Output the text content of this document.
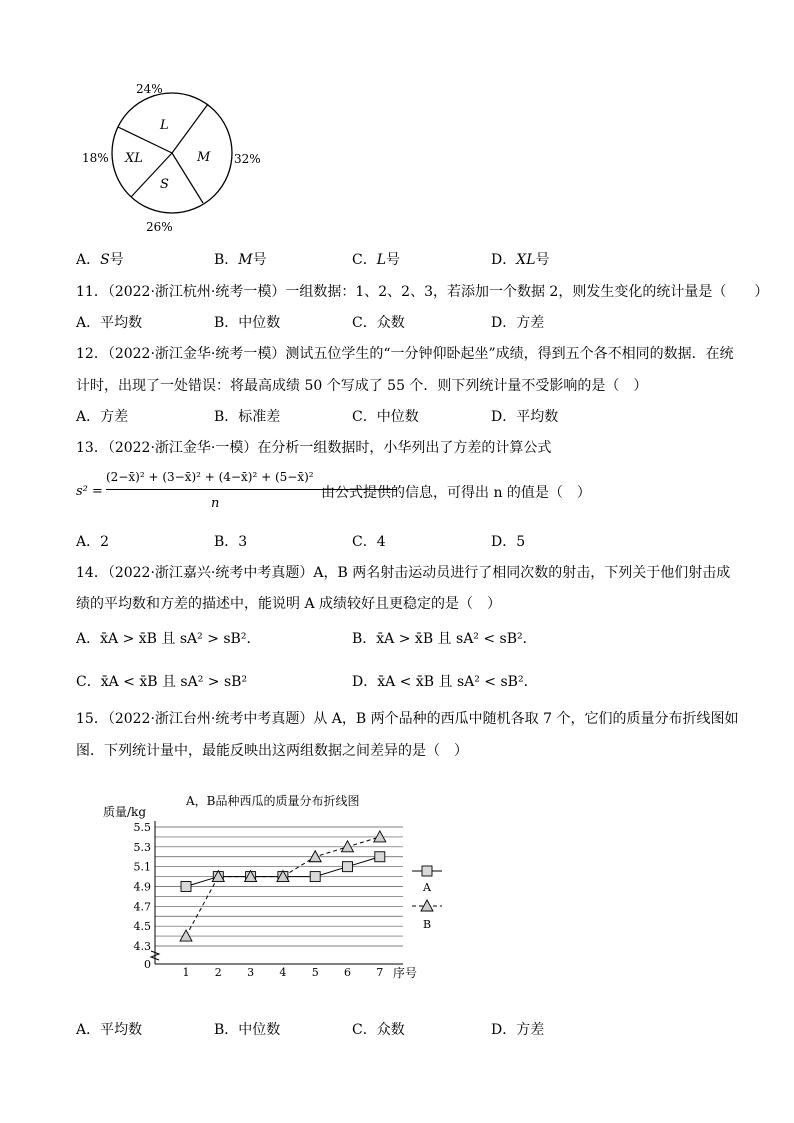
24%
18%	32%
26%
L
XL	M
S
A．S号	B．M号	C．L号	D．XL号
11．（2022·浙江杭州·统考一模）一组数据：1、2、2、3，若添加一个数据 2，则发生变化的统计量是（　　）
A．平均数	B．中位数	C．众数	D．方差
12．（2022·浙江金华·统考一模）测试五位学生的“一分钟仰卧起坐”成绩，得到五个各不相同的数据．在统
计时，出现了一处错误：将最高成绩 50 个写成了 55 个．则下列统计量不受影响的是（　）
A．方差	B．标准差	C．中位数	D．平均数
13．（2022·浙江金华·一模）在分析一组数据时，小华列出了方差的计算公式
s² =
(2−x̄)² + (3−x̄)² + (4−x̄)² + (5−x̄)²
n
由公式提供的信息，可得出 n 的值是（　）
A．2	B．3	C．4	D．5
14．（2022·浙江嘉兴·统考中考真题）A，B 两名射击运动员进行了相同次数的射击，下列关于他们射击成
绩的平均数和方差的描述中，能说明 A 成绩较好且更稳定的是（　）
A．x̄A > x̄B 且 sA² > sB²．	B．x̄A > x̄B 且 sA² < sB²．
C．x̄A < x̄B 且 sA² > sB²	D．x̄A < x̄B 且 sA² < sB²．
15．（2022·浙江台州·统考中考真题）从 A，B 两个品种的西瓜中随机各取 7 个，它们的质量分布折线图如
图．下列统计量中，最能反映出这两组数据之间差异的是（　）
A，B品种西瓜的质量分布折线图
质量/kg
序号
5.5
5.3
5.1
4.9
4.7
4.5
4.3
0
1 2 3 4 5 6 7
A
B
A．平均数	B．中位数	C．众数	D．方差
